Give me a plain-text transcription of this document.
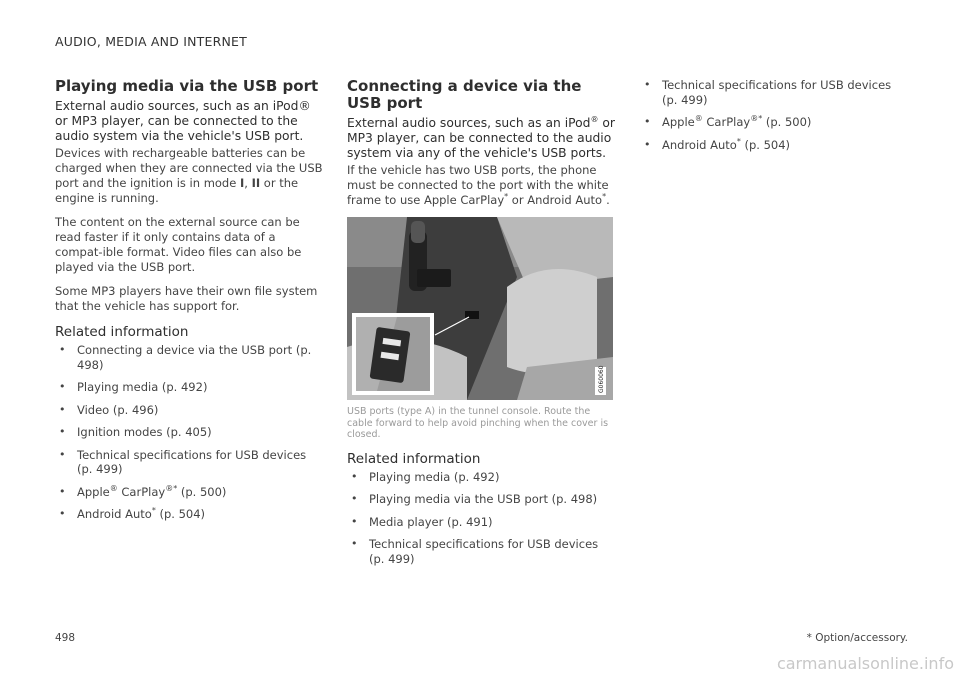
AUDIO, MEDIA AND INTERNET
Playing media via the USB port
External audio sources, such as an iPod® or MP3 player, can be connected to the audio system via the vehicle's USB port.

Devices with rechargeable batteries can be charged when they are connected via the USB port and the ignition is in mode I, II or the engine is running.

The content on the external source can be read faster if it only contains data of a compat-ible format. Video files can also be played via the USB port.

Some MP3 players have their own file system that the vehicle has support for.

Related information
• Connecting a device via the USB port (p. 498)
• Playing media (p. 492)
• Video (p. 496)
• Ignition modes (p. 405)
• Technical specifications for USB devices (p. 499)
• Apple® CarPlay®* (p. 500)
• Android Auto* (p. 504)
Connecting a device via the USB port
External audio sources, such as an iPod® or MP3 player, can be connected to the audio system via any of the vehicle's USB ports.

If the vehicle has two USB ports, the phone must be connected to the port with the white frame to use Apple CarPlay* or Android Auto*.

G060060
USB ports (type A) in the tunnel console. Route the cable forward to help avoid pinching when the cover is closed.
Related information
• Playing media (p. 492)
• Playing media via the USB port (p. 498)
• Media player (p. 491)
• Technical specifications for USB devices (p. 499)
• Technical specifications for USB devices (p. 499)
• Apple® CarPlay®* (p. 500)
• Android Auto* (p. 504)
498	* Option/accessory.
carmanualsonline.info
